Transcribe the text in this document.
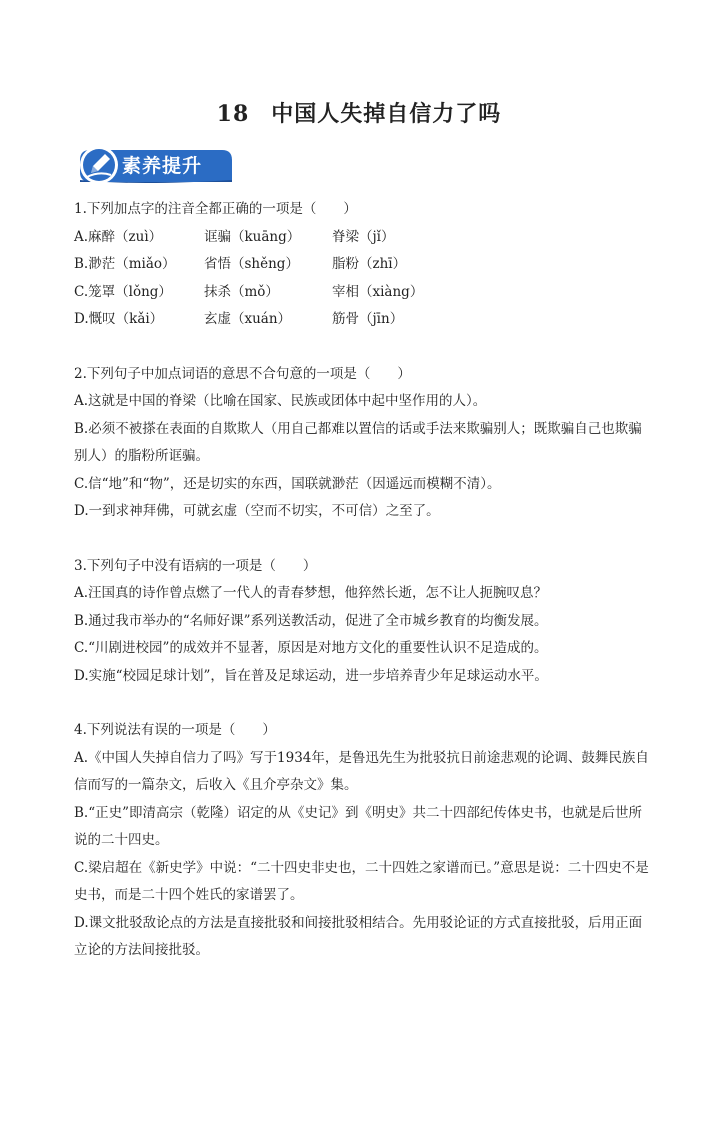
18 中国人失掉自信力了吗
素养提升
1.下列加点字的注音全都正确的一项是（　　）
A.麻醉（zuì）	诓骗（kuāng）	脊梁（jǐ）
B.渺茫（miǎo）	省悟（shěng）	脂粉（zhī）
C.笼罩（lǒng）	抹杀（mǒ）	宰相（xiàng）
D.慨叹（kǎi）	玄虚（xuán）	筋骨（jīn）
2.下列句子中加点词语的意思不合句意的一项是（　　）
A.这就是中国的脊梁（比喻在国家、民族或团体中起中坚作用的人）。
B.必须不被搽在表面的自欺欺人（用自己都难以置信的话或手法来欺骗别人；既欺骗自己也欺骗别人）的脂粉所诓骗。
C.信“地”和“物”，还是切实的东西，国联就渺茫（因遥远而模糊不清）。
D.一到求神拜佛，可就玄虚（空而不切实，不可信）之至了。
3.下列句子中没有语病的一项是（　　）
A.汪国真的诗作曾点燃了一代人的青春梦想，他猝然长逝，怎不让人扼腕叹息？
B.通过我市举办的“名师好课”系列送教活动，促进了全市城乡教育的均衡发展。
C.“川剧进校园”的成效并不显著，原因是对地方文化的重要性认识不足造成的。
D.实施“校园足球计划”，旨在普及足球运动，进一步培养青少年足球运动水平。
4.下列说法有误的一项是（　　）
A.《中国人失掉自信力了吗》写于1934年，是鲁迅先生为批驳抗日前途悲观的论调、鼓舞民族自信而写的一篇杂文，后收入《且介亭杂文》集。
B.“正史”即清高宗（乾隆）诏定的从《史记》到《明史》共二十四部纪传体史书，也就是后世所说的二十四史。
C.梁启超在《新史学》中说：“二十四史非史也，二十四姓之家谱而已。”意思是说：二十四史不是史书，而是二十四个姓氏的家谱罢了。
D.课文批驳敌论点的方法是直接批驳和间接批驳相结合。先用驳论证的方式直接批驳，后用正面立论的方法间接批驳。
